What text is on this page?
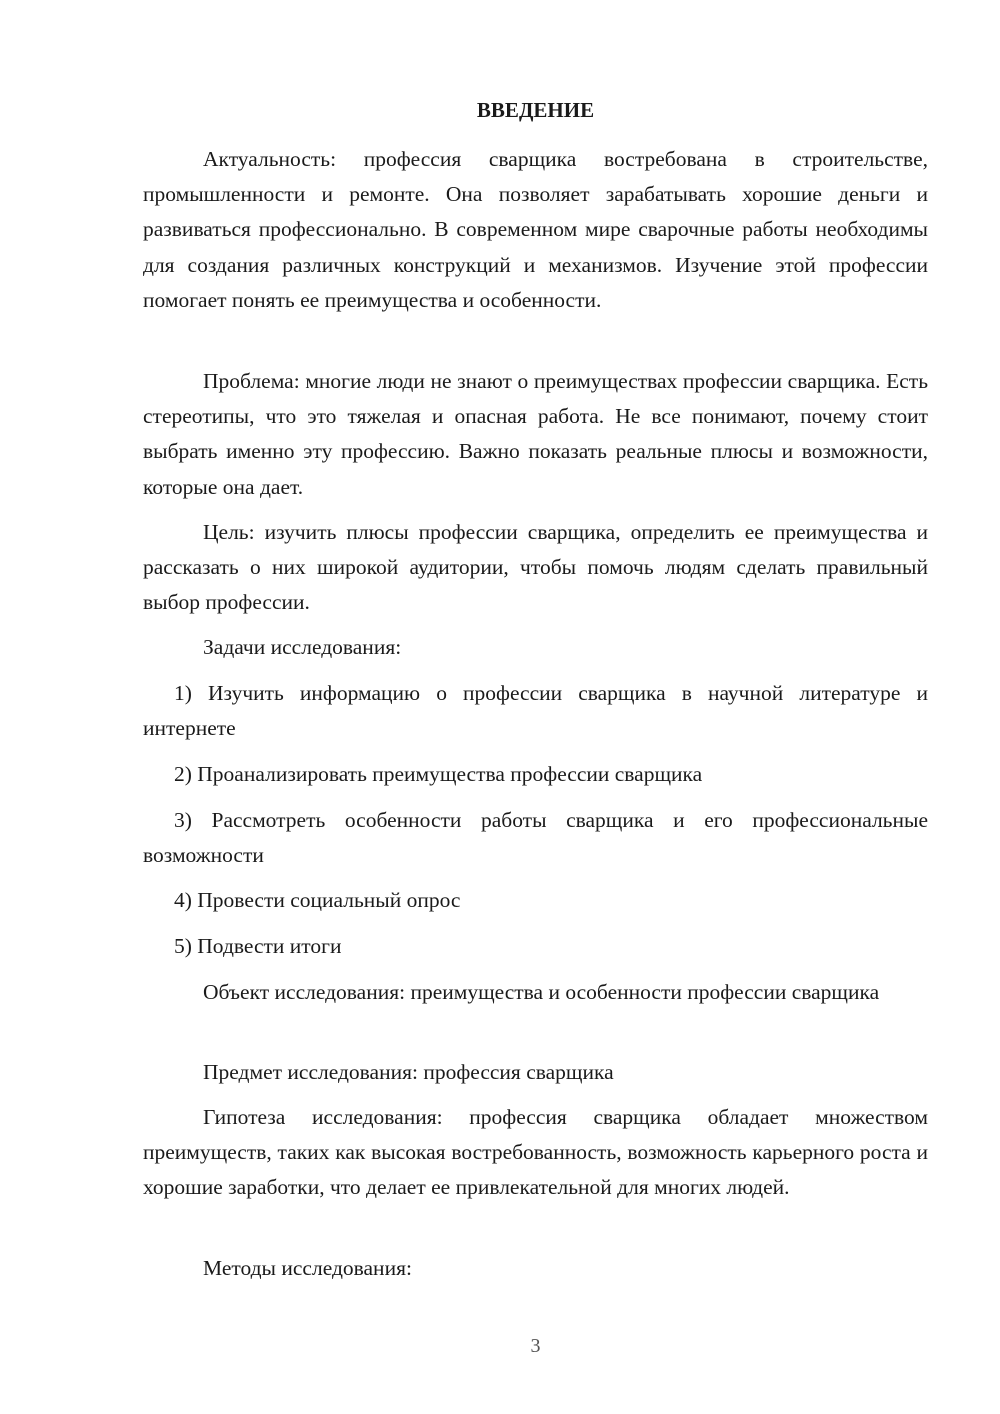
ВВЕДЕНИЕ

Актуальность: профессия сварщика востребована в строительстве, промышленности и ремонте. Она позволяет зарабатывать хорошие деньги и развиваться профессионально. В современном мире сварочные работы необходимы для создания различных конструкций и механизмов. Изучение этой профессии помогает понять ее преимущества и особенности.

Проблема: многие люди не знают о преимуществах профессии сварщика. Есть стереотипы, что это тяжелая и опасная работа. Не все понимают, почему стоит выбрать именно эту профессию. Важно показать реальные плюсы и возможности, которые она дает.

Цель: изучить плюсы профессии сварщика, определить ее преимущества и рассказать о них широкой аудитории, чтобы помочь людям сделать правильный выбор профессии.

Задачи исследования:

1) Изучить информацию о профессии сварщика в научной литературе и интернете

2) Проанализировать преимущества профессии сварщика

3) Рассмотреть особенности работы сварщика и его профессиональные возможности

4) Провести социальный опрос

5) Подвести итоги

Объект исследования: преимущества и особенности профессии сварщика

Предмет исследования: профессия сварщика

Гипотеза исследования: профессия сварщика обладает множеством преимуществ, таких как высокая востребованность, возможность карьерного роста и хорошие заработки, что делает ее привлекательной для многих людей.

Методы исследования:

3
